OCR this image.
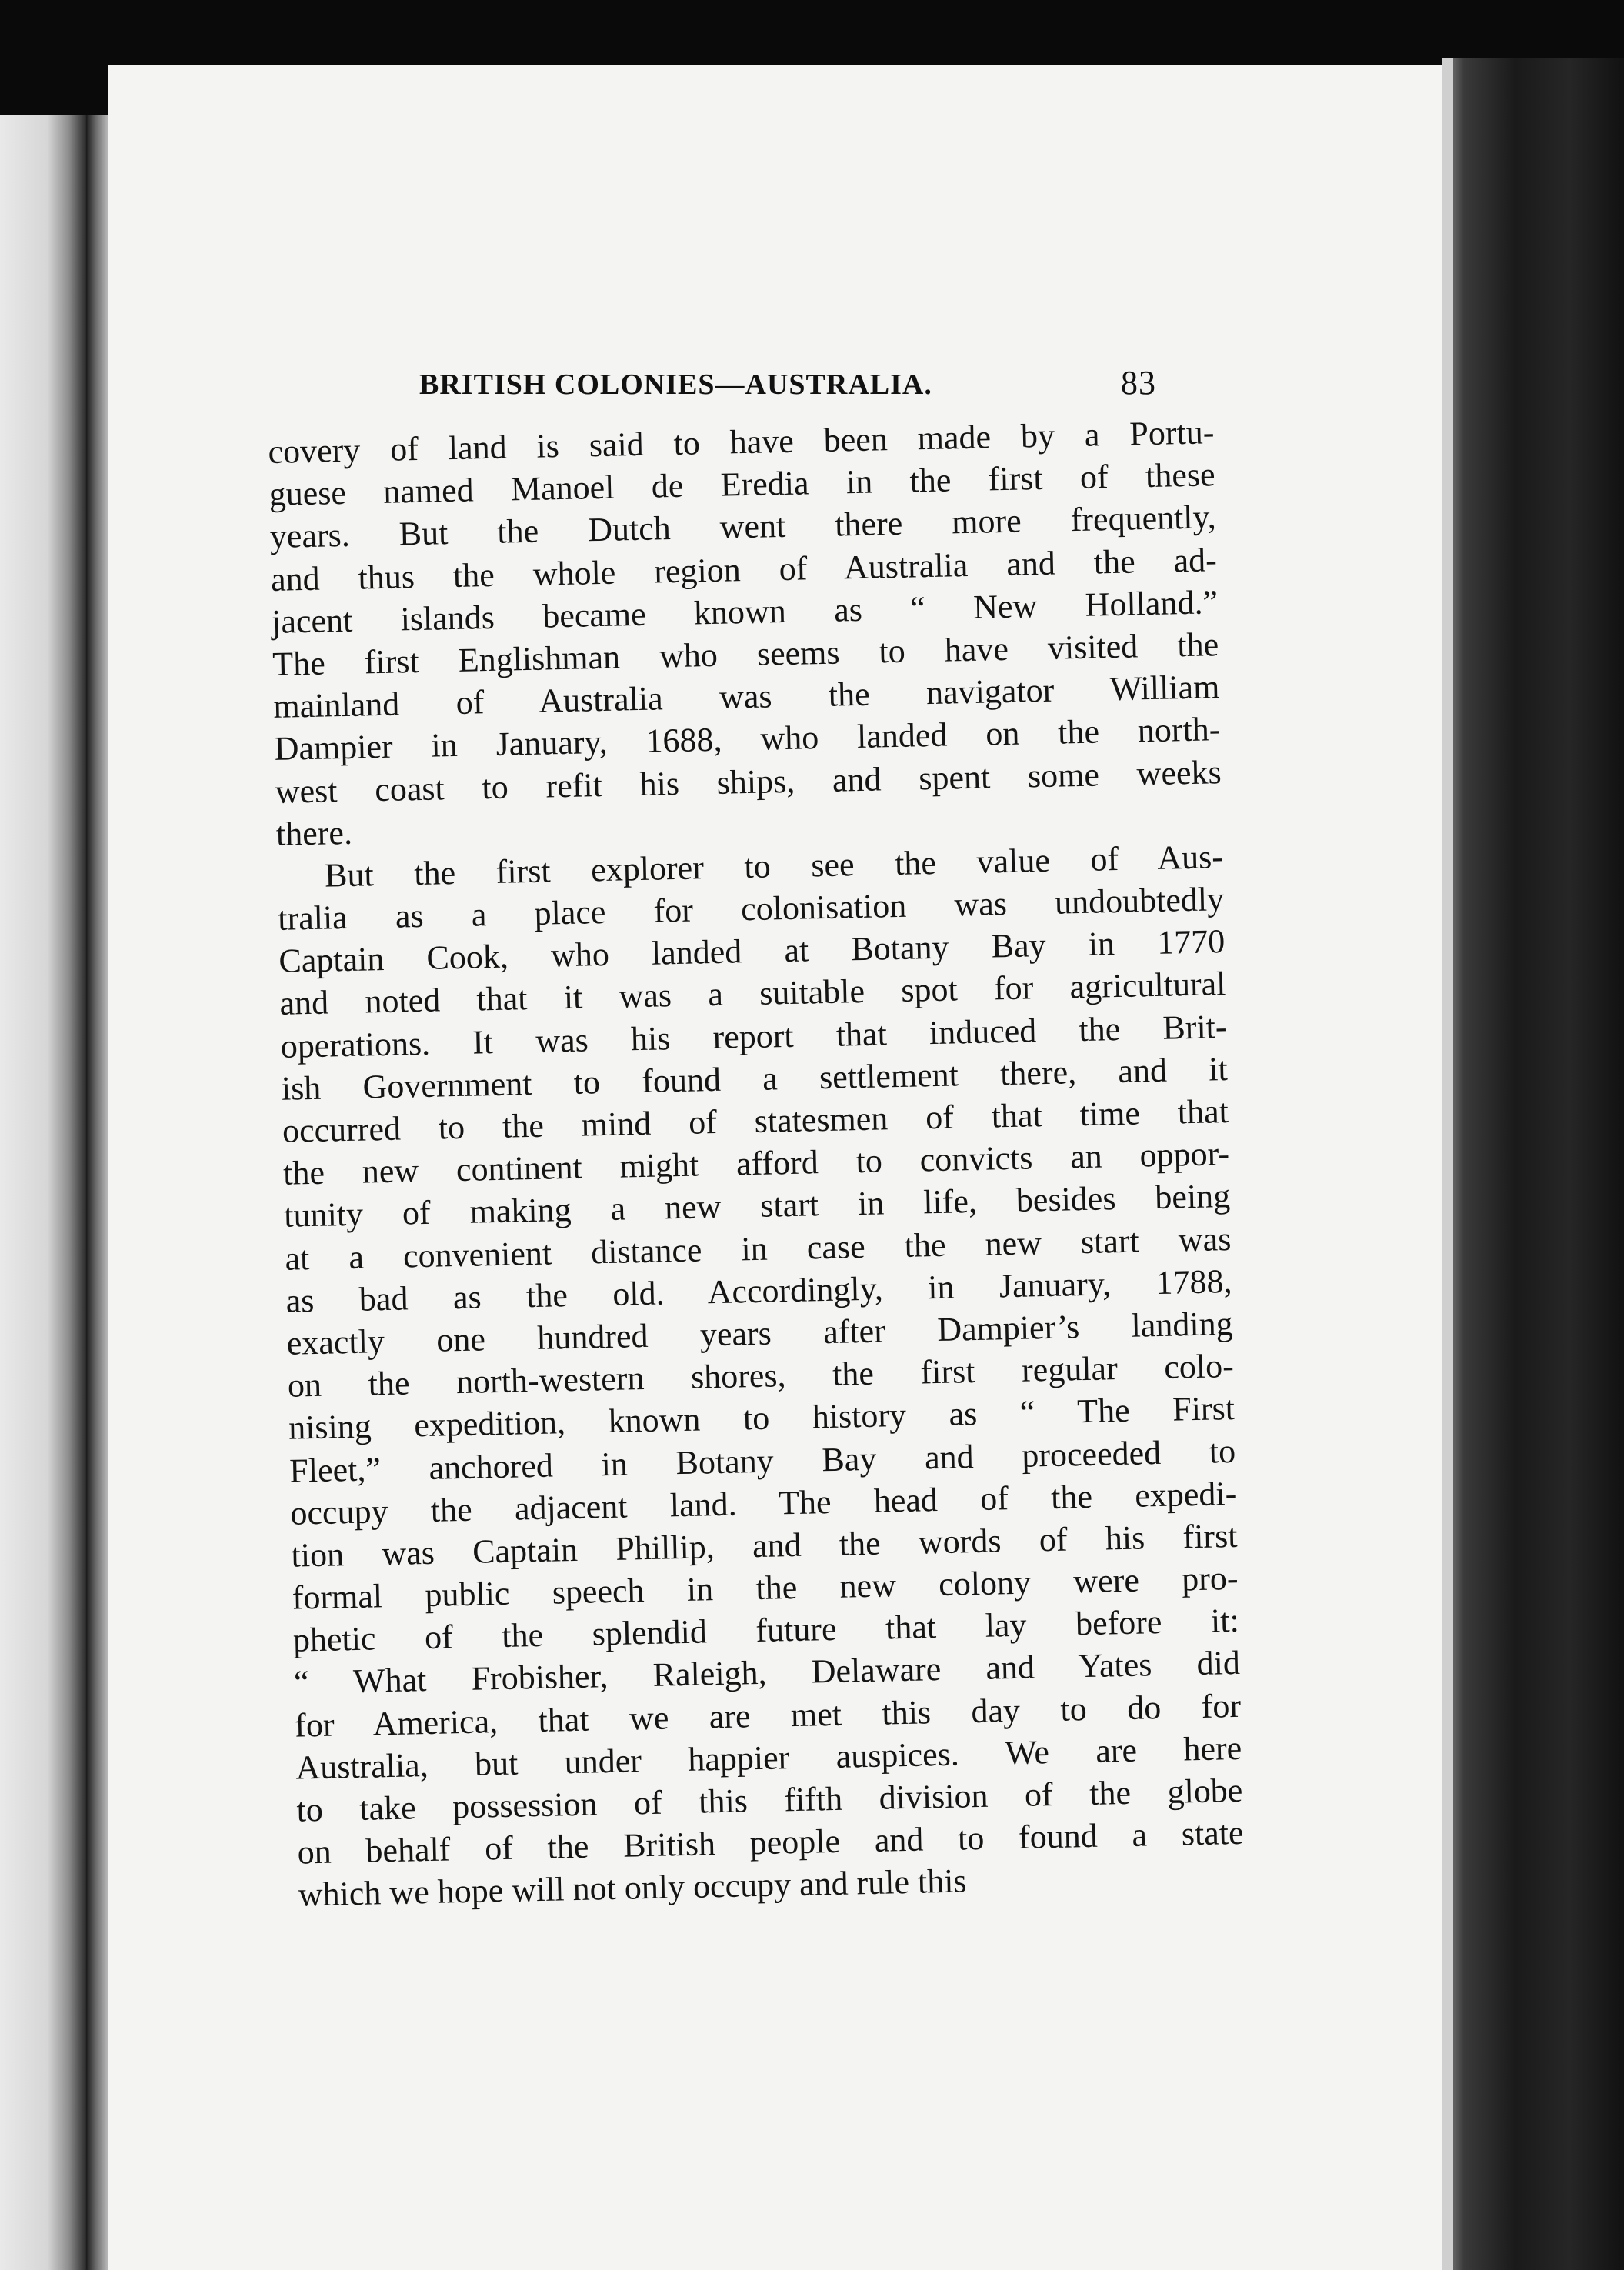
BRITISH COLONIES—AUSTRALIA.	83
covery of land is said to have been made by a Portu-
guese named Manoel de Eredia in the first of these
years. But the Dutch went there more frequently,
and thus the whole region of Australia and the ad-
jacent islands became known as “ New Holland.”
The first Englishman who seems to have visited the
mainland of Australia was the navigator William
Dampier in January, 1688, who landed on the north-
west coast to refit his ships, and spent some weeks
there.
But the first explorer to see the value of Aus-
tralia as a place for colonisation was undoubtedly
Captain Cook, who landed at Botany Bay in 1770
and noted that it was a suitable spot for agricultural
operations. It was his report that induced the Brit-
ish Government to found a settlement there, and it
occurred to the mind of statesmen of that time that
the new continent might afford to convicts an oppor-
tunity of making a new start in life, besides being
at a convenient distance in case the new start was
as bad as the old. Accordingly, in January, 1788,
exactly one hundred years after Dampier’s landing
on the north-western shores, the first regular colo-
nising expedition, known to history as “ The First
Fleet,” anchored in Botany Bay and proceeded to
occupy the adjacent land. The head of the expedi-
tion was Captain Phillip, and the words of his first
formal public speech in the new colony were pro-
phetic of the splendid future that lay before it:
“ What Frobisher, Raleigh, Delaware and Yates did
for America, that we are met this day to do for
Australia, but under happier auspices. We are here
to take possession of this fifth division of the globe
on behalf of the British people and to found a state
which we hope will not only occupy and rule this
